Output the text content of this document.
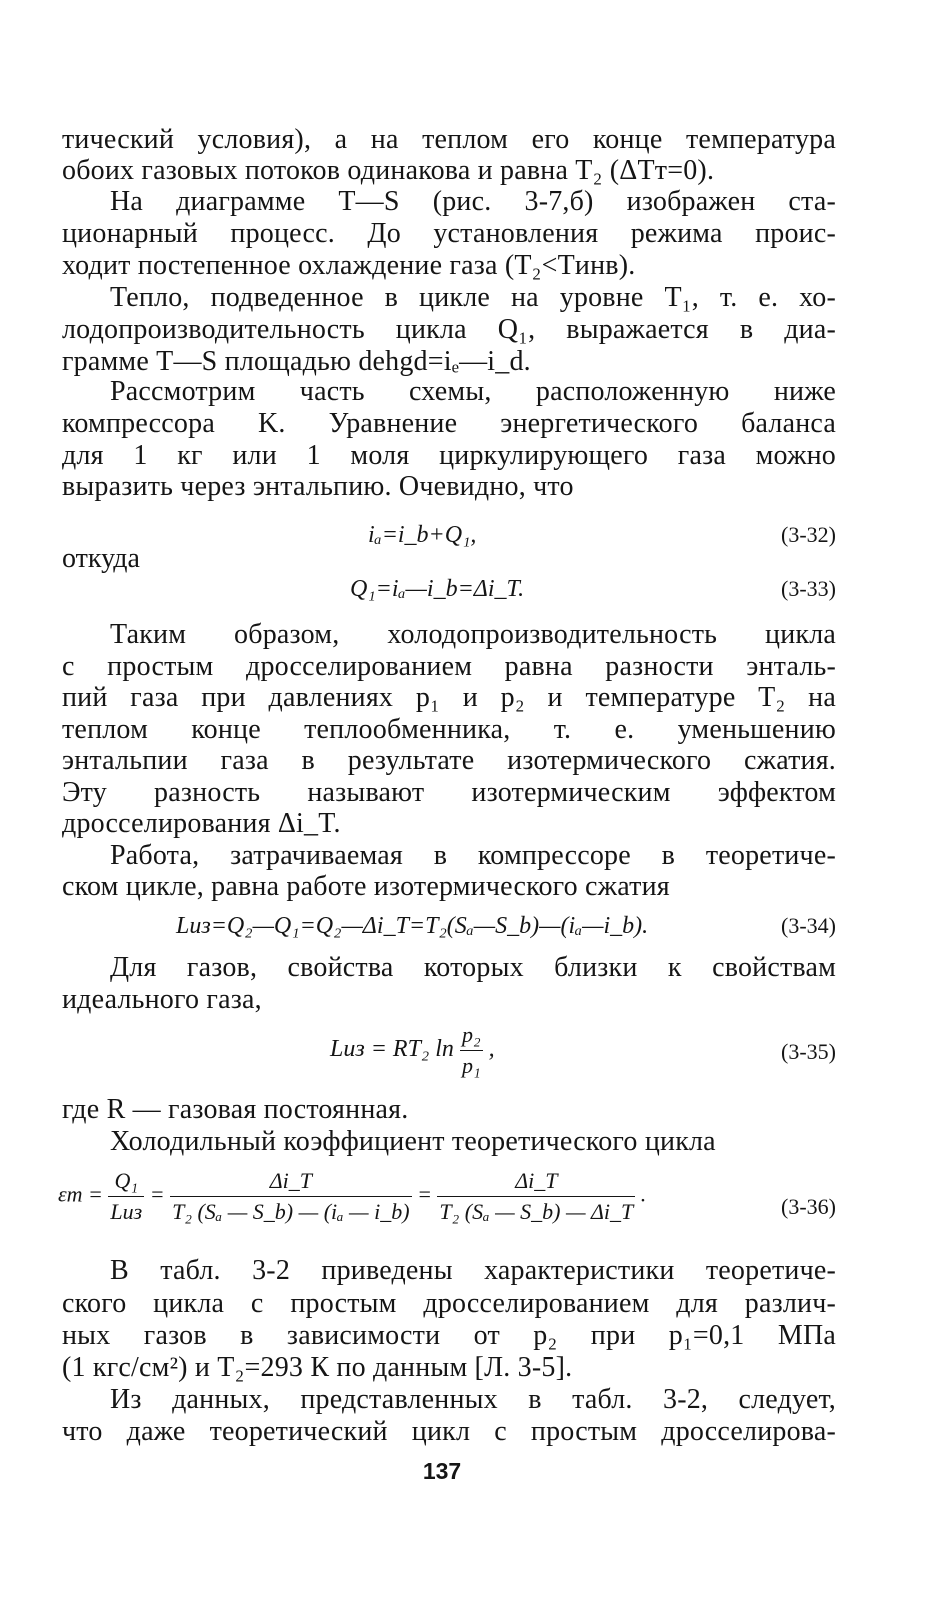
тический условия), а на теплом его конце температура
обоих газовых потоков одинакова и равна T₂ (ΔTт=0).
На диаграмме T—S (рис. 3-7,б) изображен ста-
ционарный процесс. До установления режима проис-
ходит постепенное охлаждение газа (T₂<Tинв).
Тепло, подведенное в цикле на уровне T₁, т. е. хо-
лодопроизводительность цикла Q₁, выражается в диа-
грамме T—S площадью dehgd=iₑ—i_d.
Рассмотрим часть схемы, расположенную ниже
компрессора K. Уравнение энергетического баланса
для 1 кг или 1 моля циркулирующего газа можно
выразить через энтальпию. Очевидно, что
iₐ=i_b+Q₁,	(3-32)
откуда
Q₁=iₐ—i_b=Δi_T.	(3-33)
Таким образом, холодопроизводительность цикла
с простым дросселированием равна разности энталь-
пий газа при давлениях p₁ и p₂ и температуре T₂ на
теплом конце теплообменника, т. е. уменьшению
энтальпии газа в результате изотермического сжатия.
Эту разность называют изотермическим эффектом
дросселирования Δi_T.
Работа, затрачиваемая в компрессоре в теоретиче-
ском цикле, равна работе изотермического сжатия
Lиз=Q₂—Q₁=Q₂—Δi_T=T₂(Sₐ—S_b)—(iₐ—i_b).	(3-34)
Для газов, свойства которых близки к свойствам
идеального газа,
Lиз = RT₂ $\ln \frac{\text{p₂}}{\text{p₁}}$ ,	(3-35)
где R — газовая постоянная.
Холодильный коэффициент теоретического цикла
$\varepsilon т = \frac{\text{Q₁}}{\text{Lиз}} = \frac{\Delta i\_T}{\text{T₂ (Sₐ — S\_b) — (iₐ — i\_b)}} = \frac{\Delta i\_T}{\text{T₂ (Sₐ — S\_b) — Δi\_T}}$ .	(3-36)
В табл. 3-2 приведены характеристики теоретиче-
ского цикла с простым дросселированием для различ-
ных газов в зависимости от p₂ при p₁=0,1 МПа
(1 кгс/см²) и T₂=293 К по данным [Л. 3-5].
Из данных, представленных в табл. 3-2, следует,
что даже теоретический цикл с простым дросселирова-
137
